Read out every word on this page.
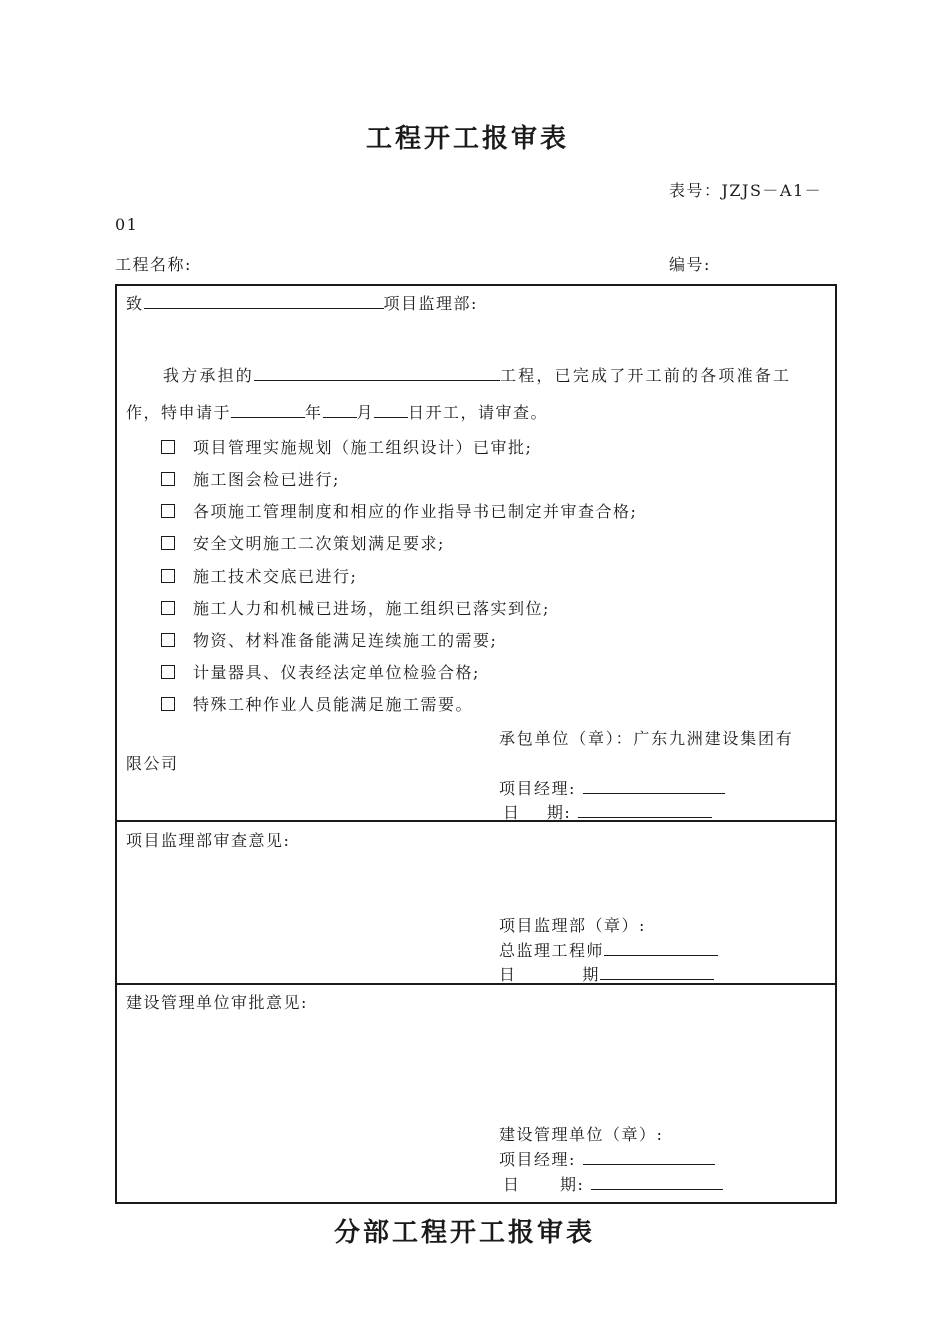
工程开工报审表
表号：JZJS－A1－
01
工程名称:	编号:
致	项目监理部:
我方承担的	工程，已完成了开工前的各项准备工
作，特申请于	年 月 日开工，请审查。
项目管理实施规划（施工组织设计）已审批;
施工图会检已进行;
各项施工管理制度和相应的作业指导书已制定并审查合格;
安全文明施工二次策划满足要求;
施工技术交底已进行;
施工人力和机械已进场，施工组织已落实到位;
物资、材料准备能满足连续施工的需要;
计量器具、仪表经法定单位检验合格;
特殊工种作业人员能满足施工需要。
承包单位（章）：广东九洲建设集团有
限公司
项目经理:
日    期:
项目监理部审查意见:
项目监理部（章）:
总监理工程师
日          期
建设管理单位审批意见:
建设管理单位（章）:
项目经理:
日      期:
分部工程开工报审表
